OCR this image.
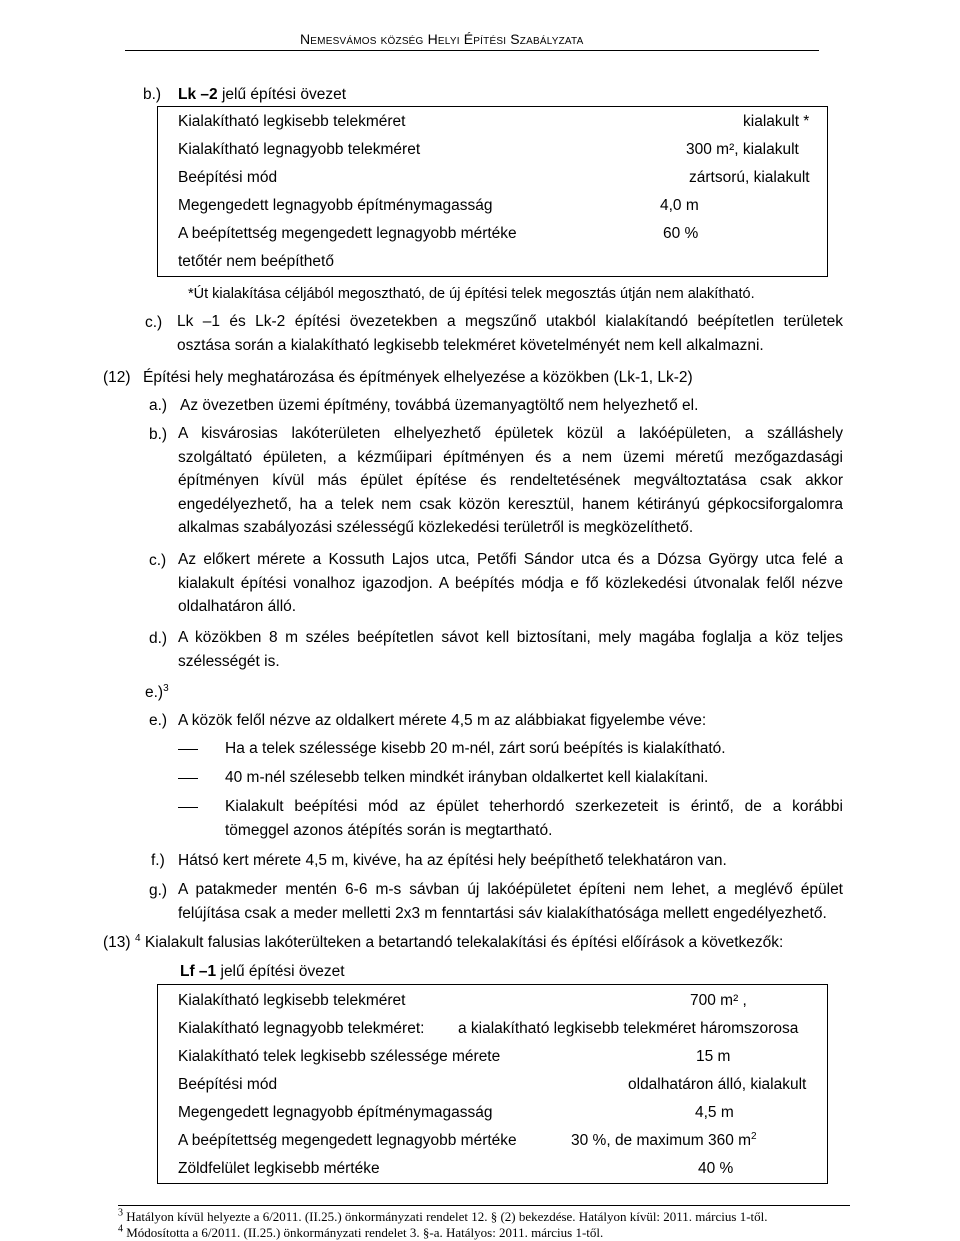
Nemesvámos község Helyi Építési Szabályzata
b.) Lk –2 jelű építési övezet
Kialakítható legkisebb telekméret	kialakult *
Kialakítható legnagyobb telekméret	300 m², kialakult
Beépítési mód	zártsorú, kialakult
Megengedett legnagyobb építménymagasság	4,0 m
A beépítettség megengedett legnagyobb mértéke	60 %
tetőtér nem beépíthető
*Út kialakítása céljából megosztható, de új építési telek megosztás útján nem alakítható.
c.) Lk –1 és Lk-2 építési övezetekben a megszűnő utakból kialakítandó beépítetlen területek
osztása során a kialakítható legkisebb telekméret követelményét nem kell alkalmazni.
(12) Építési hely meghatározása és építmények elhelyezése a közökben (Lk-1, Lk-2)
a.) Az övezetben üzemi építmény, továbbá üzemanyagtöltő nem helyezhető el.
b.) A kisvárosias lakóterületen elhelyezhető épületek közül a lakóépületen, a szálláshely
szolgáltató épületen, a kézműipari építményen és a nem üzemi méretű mezőgazdasági
építményen kívül más épület építése és rendeltetésének megváltoztatása csak akkor
engedélyezhető, ha a telek nem csak közön keresztül, hanem kétirányú gépkocsiforgalomra
alkalmas szabályozási szélességű közlekedési területről is megközelíthető.
c.) Az előkert mérete a Kossuth Lajos utca, Petőfi Sándor utca és a Dózsa György utca felé a
kialakult építési vonalhoz igazodjon. A beépítés módja e fő közlekedési útvonalak felől nézve
oldalhatáron álló.
d.) A közökben 8 m széles beépítetlen sávot kell biztosítani, mely magába foglalja a köz teljes
szélességét is.
e.)$^3$
e.) A közök felől nézve az oldalkert mérete 4,5 m az alábbiakat figyelembe véve:
Ha a telek szélessége kisebb 20 m-nél, zárt sorú beépítés is kialakítható.
40 m-nél szélesebb telken mindkét irányban oldalkertet kell kialakítani.
Kialakult beépítési mód az épület teherhordó szerkezeteit is érintő, de a korábbi
tömeggel azonos átépítés során is megtartható.
f.) Hátsó kert mérete 4,5 m, kivéve, ha az építési hely beépíthető telekhatáron van.
g.) A patakmeder mentén 6-6 m-s sávban új lakóépületet építeni nem lehet, a meglévő épület
felújítása csak a meder melletti 2x3 m fenntartási sáv kialakíthatósága mellett engedélyezhető.
(13) $^4$ Kialakult falusias lakóterülteken a betartandó telekalakítási és építési előírások a következők:
Lf –1 jelű építési övezet
Kialakítható legkisebb telekméret	700 m² ,
Kialakítható legnagyobb telekméret: a kialakítható legkisebb telekméret háromszorosa
Kialakítható telek legkisebb szélessége mérete	15 m
Beépítési mód	oldalhatáron álló, kialakult
Megengedett legnagyobb építménymagasság	4,5 m
A beépítettség megengedett legnagyobb mértéke	30 %, de maximum 360 $m^2$
Zöldfelület legkisebb mértéke	40 %
$^3$ Hatályon kívül helyezte a 6/2011. (II.25.) önkormányzati rendelet 12. § (2) bekezdése. Hatályon kívül: 2011. március 1-től.
$^4$ Módosította a 6/2011. (II.25.) önkormányzati rendelet 3. §-a. Hatályos: 2011. március 1-től.
